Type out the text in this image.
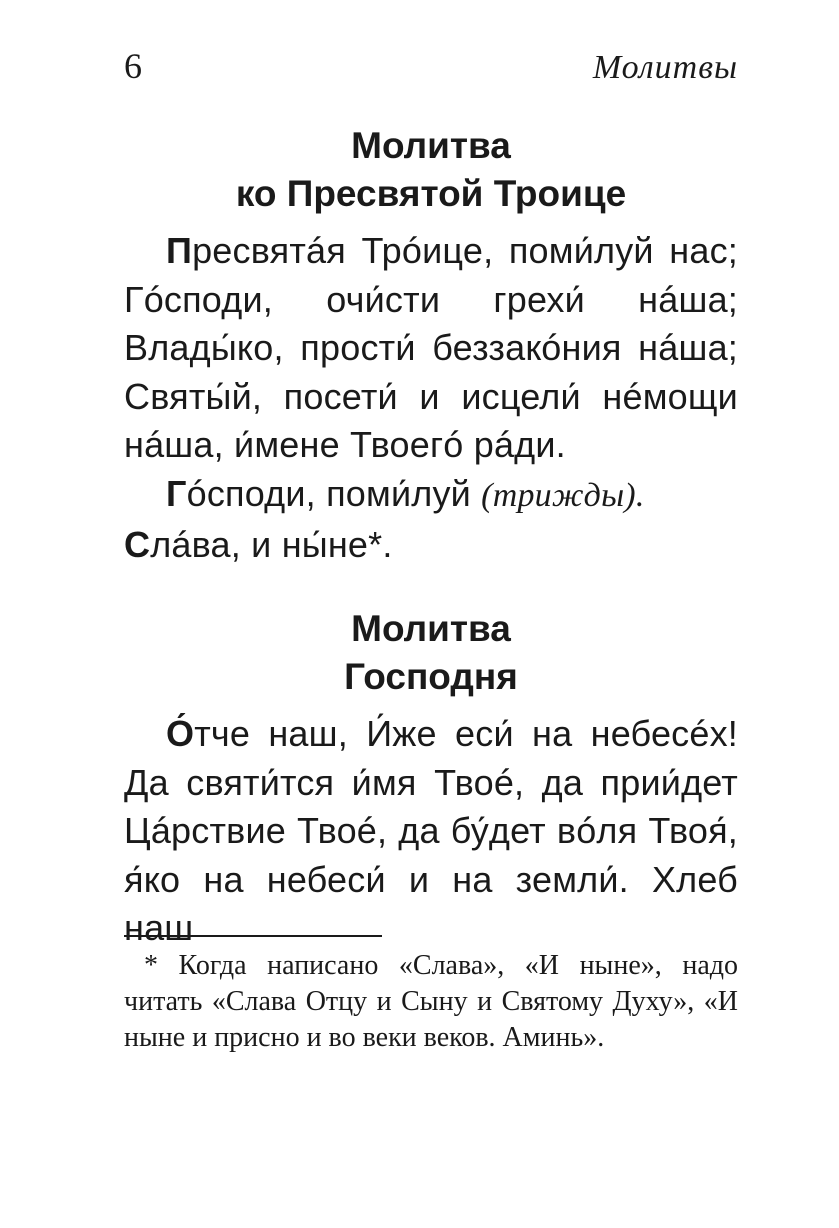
6	Молитвы
Молитва
ко Пресвятой Троице

Пресвятáя Трóице, поми́луй нас; Гóсподи, очи́сти грехи́ нáша; Влады́ко, прости́ беззакóния нáша; Святы́й, посети́ и исцели́ нéмощи нáша, и́мене Твоегó рáди.

Гóсподи, поми́луй (трижды).
Слáва, и ны́не*.

Молитва
Господня

О́тче наш, И́же еси́ на небесéх! Да святи́тся и́мя Твоé, да прии́дет Цáрствие Твоé, да бу́дет вóля Твоя́, я́ко на небеси́ и на земли́. Хлеб наш

* Когда написано «Слава», «И ныне», надо читать «Слава Отцу и Сыну и Святому Духу», «И ныне и присно и во веки веков. Аминь».
